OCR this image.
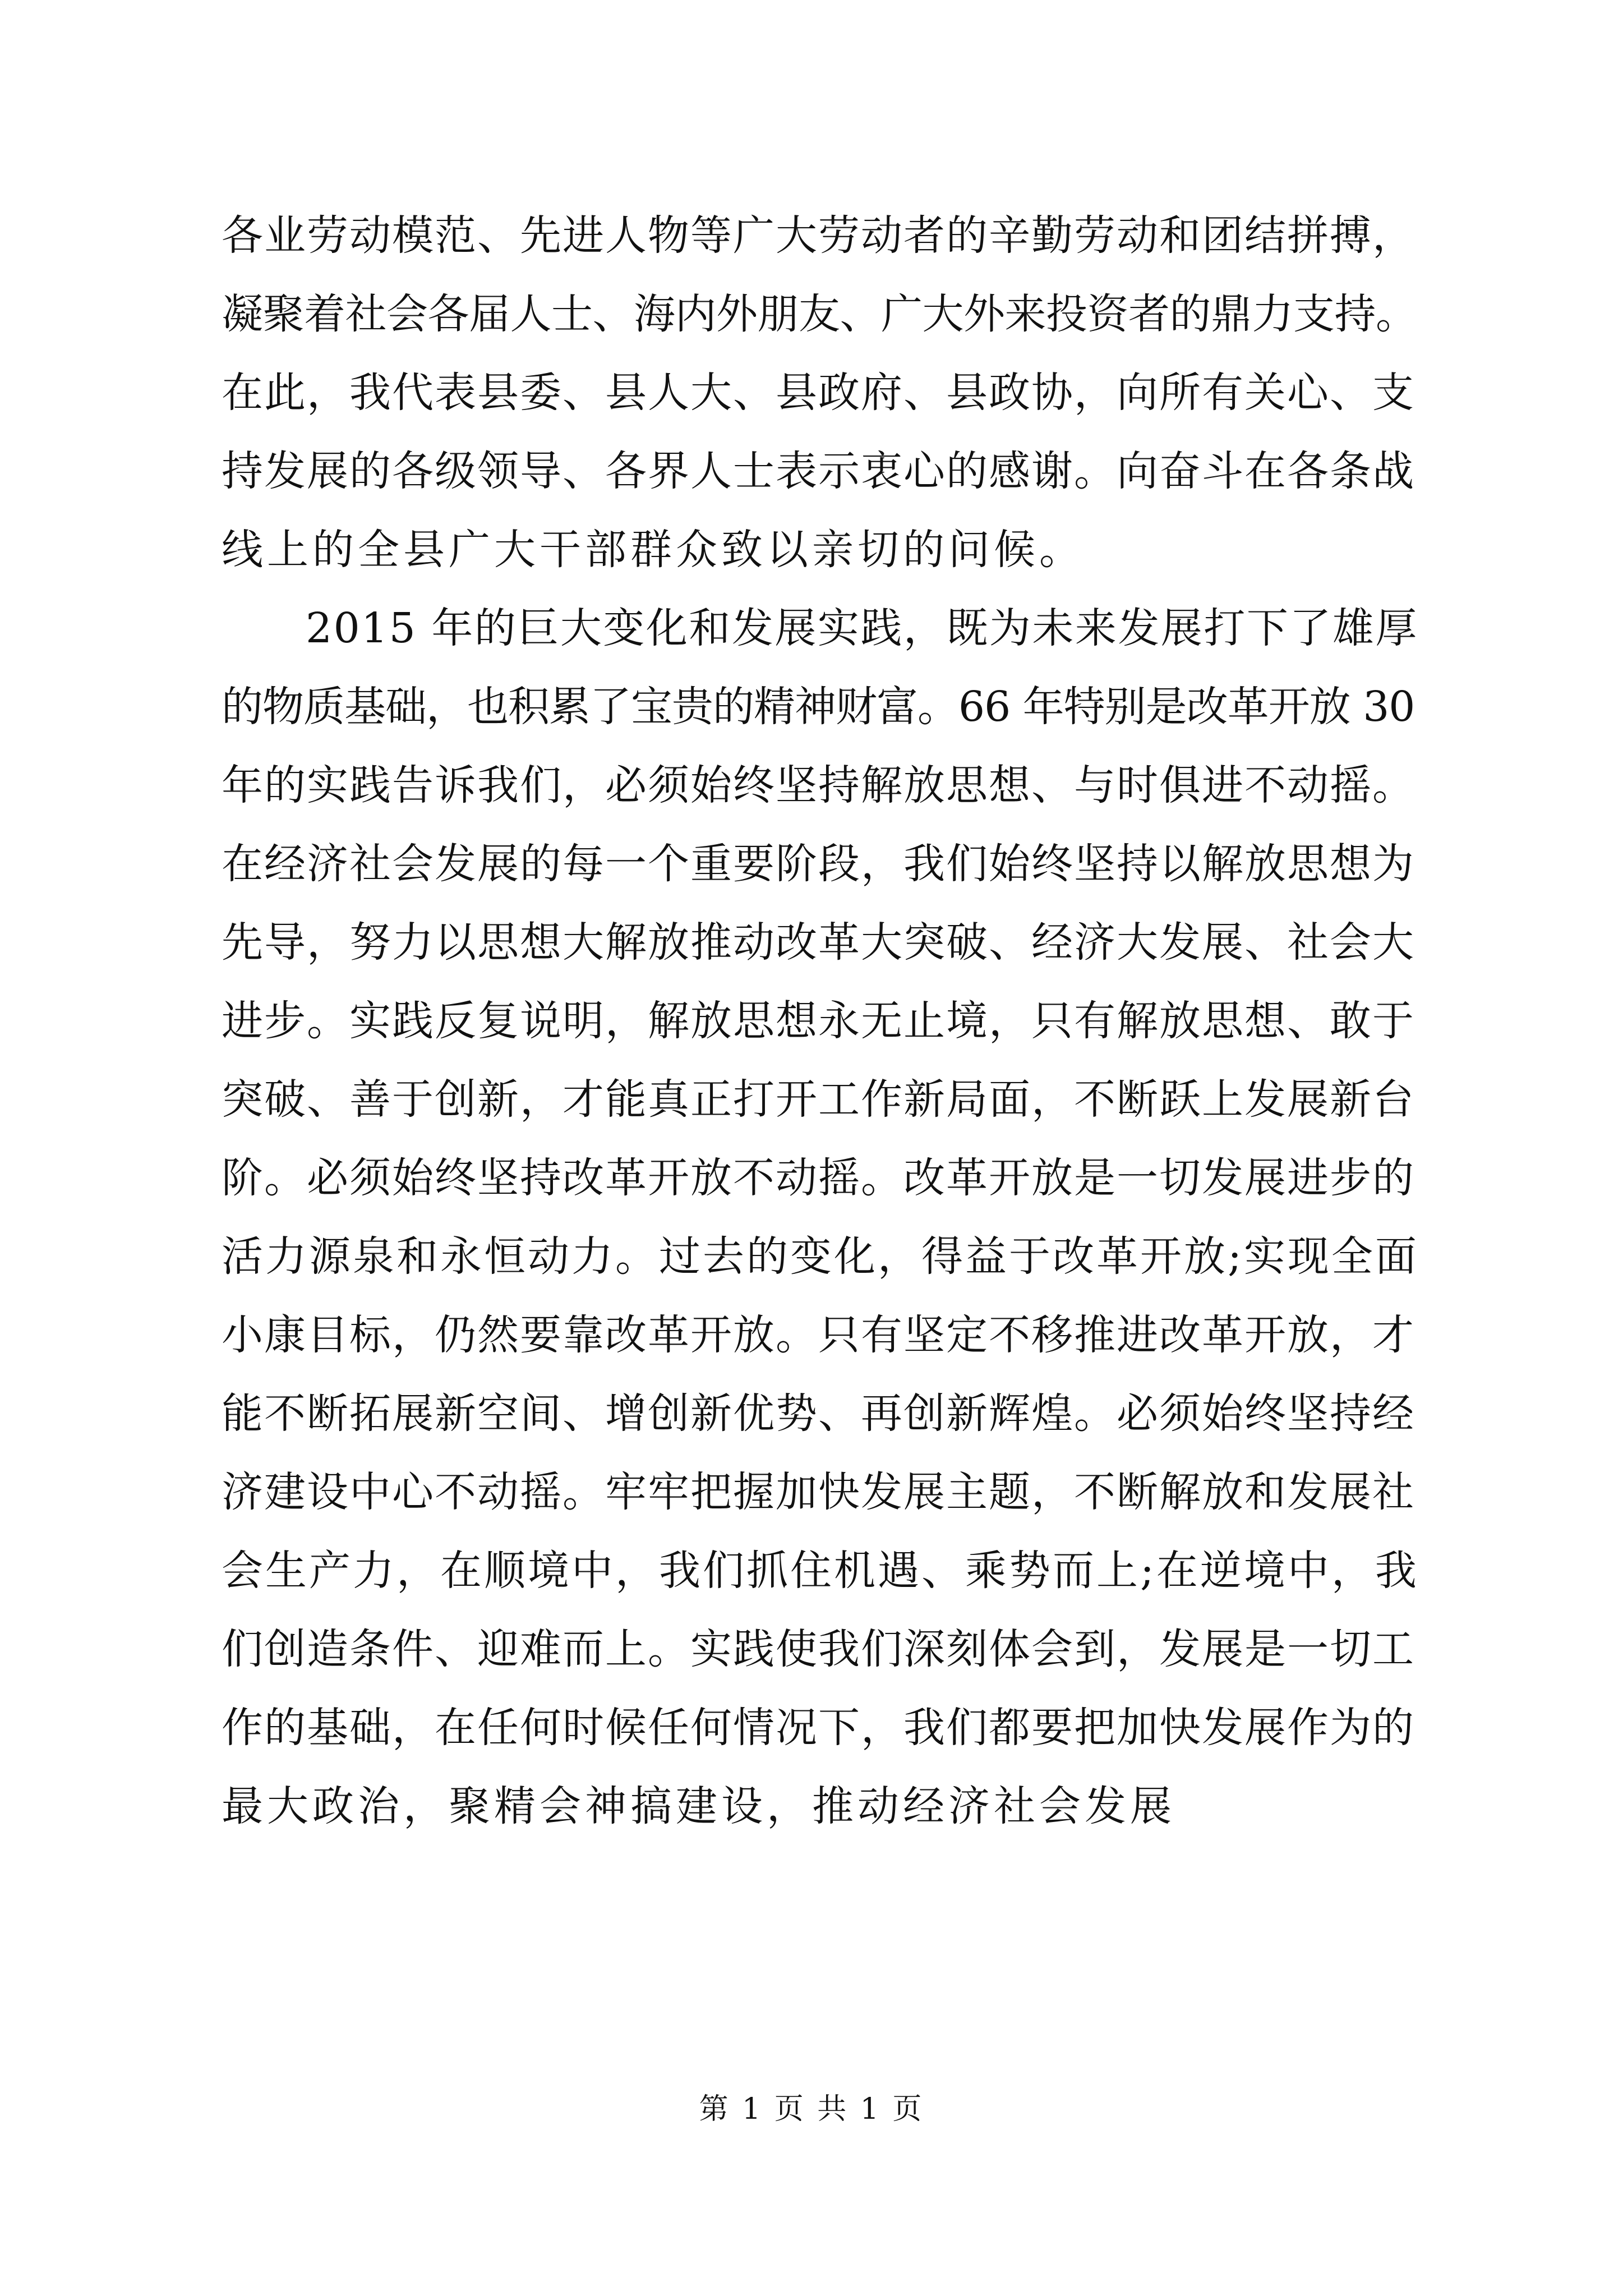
各业劳动模范、先进人物等广大劳动者的辛勤劳动和团结拼搏，
凝聚着社会各届人士、海内外朋友、广大外来投资者的鼎力支持。
在此，我代表县委、县人大、县政府、县政协，向所有关心、支
持发展的各级领导、各界人士表示衷心的感谢。向奋斗在各条战
线上的全县广大干部群众致以亲切的问候。
2015 年的巨大变化和发展实践，既为未来发展打下了雄厚
的物质基础，也积累了宝贵的精神财富。66 年特别是改革开放 30
年的实践告诉我们，必须始终坚持解放思想、与时俱进不动摇。
在经济社会发展的每一个重要阶段，我们始终坚持以解放思想为
先导，努力以思想大解放推动改革大突破、经济大发展、社会大
进步。实践反复说明，解放思想永无止境，只有解放思想、敢于
突破、善于创新，才能真正打开工作新局面，不断跃上发展新台
阶。必须始终坚持改革开放不动摇。改革开放是一切发展进步的
活力源泉和永恒动力。过去的变化，得益于改革开放;实现全面
小康目标，仍然要靠改革开放。只有坚定不移推进改革开放，才
能不断拓展新空间、增创新优势、再创新辉煌。必须始终坚持经
济建设中心不动摇。牢牢把握加快发展主题，不断解放和发展社
会生产力，在顺境中，我们抓住机遇、乘势而上;在逆境中，我
们创造条件、迎难而上。实践使我们深刻体会到，发展是一切工
作的基础，在任何时候任何情况下，我们都要把加快发展作为的
最大政治，聚精会神搞建设，推动经济社会发展
第 1 页 共 1 页
